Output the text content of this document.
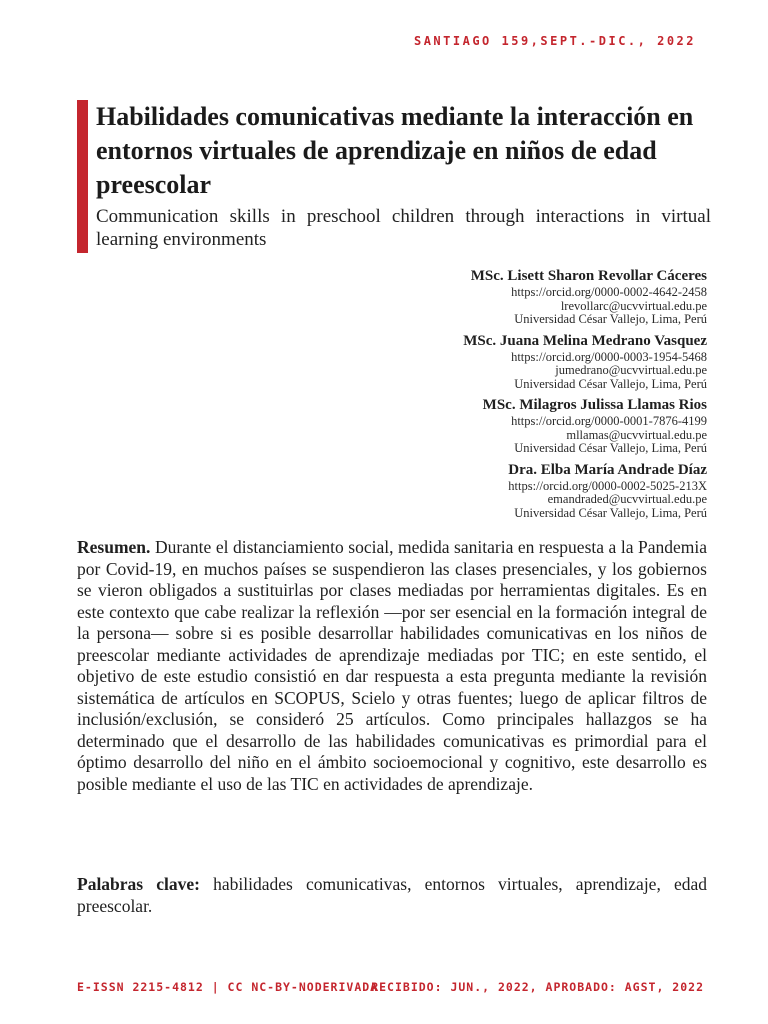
SANTIAGO 159,SEPT.-DIC., 2022
Habilidades comunicativas mediante la interacción en entornos virtuales de aprendizaje en niños de edad preescolar

Communication skills in preschool children through interactions in virtual learning environments

MSc. Lisett Sharon Revollar Cáceres
https://orcid.org/0000-0002-4642-2458
lrevollarc@ucvvirtual.edu.pe
Universidad César Vallejo, Lima, Perú
MSc. Juana Melina Medrano Vasquez
https://orcid.org/0000-0003-1954-5468
jumedrano@ucvvirtual.edu.pe
Universidad César Vallejo, Lima, Perú
MSc. Milagros Julissa Llamas Rios
https://orcid.org/0000-0001-7876-4199
mllamas@ucvvirtual.edu.pe
Universidad César Vallejo, Lima, Perú
Dra. Elba María Andrade Díaz
https://orcid.org/0000-0002-5025-213X
emandraded@ucvvirtual.edu.pe
Universidad César Vallejo, Lima, Perú

Resumen. Durante el distanciamiento social, medida sanitaria en respuesta a la Pandemia por Covid-19, en muchos países se suspendieron las clases presenciales, y los gobiernos se vieron obligados a sustituirlas por clases mediadas por herramientas digitales. Es en este contexto que cabe realizar la reflexión —por ser esencial en la formación integral de la persona— sobre si es posible desarrollar habilidades comunicativas en los niños de preescolar mediante actividades de aprendizaje mediadas por TIC; en este sentido, el objetivo de este estudio consistió en dar respuesta a esta pregunta mediante la revisión sistemática de artículos en SCOPUS, Scielo y otras fuentes; luego de aplicar filtros de inclusión/exclusión, se consideró 25 artículos. Como principales hallazgos se ha determinado que el desarrollo de las habilidades comunicativas es primordial para el óptimo desarrollo del niño en el ámbito socioemocional y cognitivo, este desarrollo es posible mediante el uso de las TIC en actividades de aprendizaje.

Palabras clave: habilidades comunicativas, entornos virtuales, aprendizaje, edad preescolar.

E-ISSN 2215-4812 | CC NC-BY-NODERIVADA
RECIBIDO: JUN., 2022, APROBADO: AGST, 2022
